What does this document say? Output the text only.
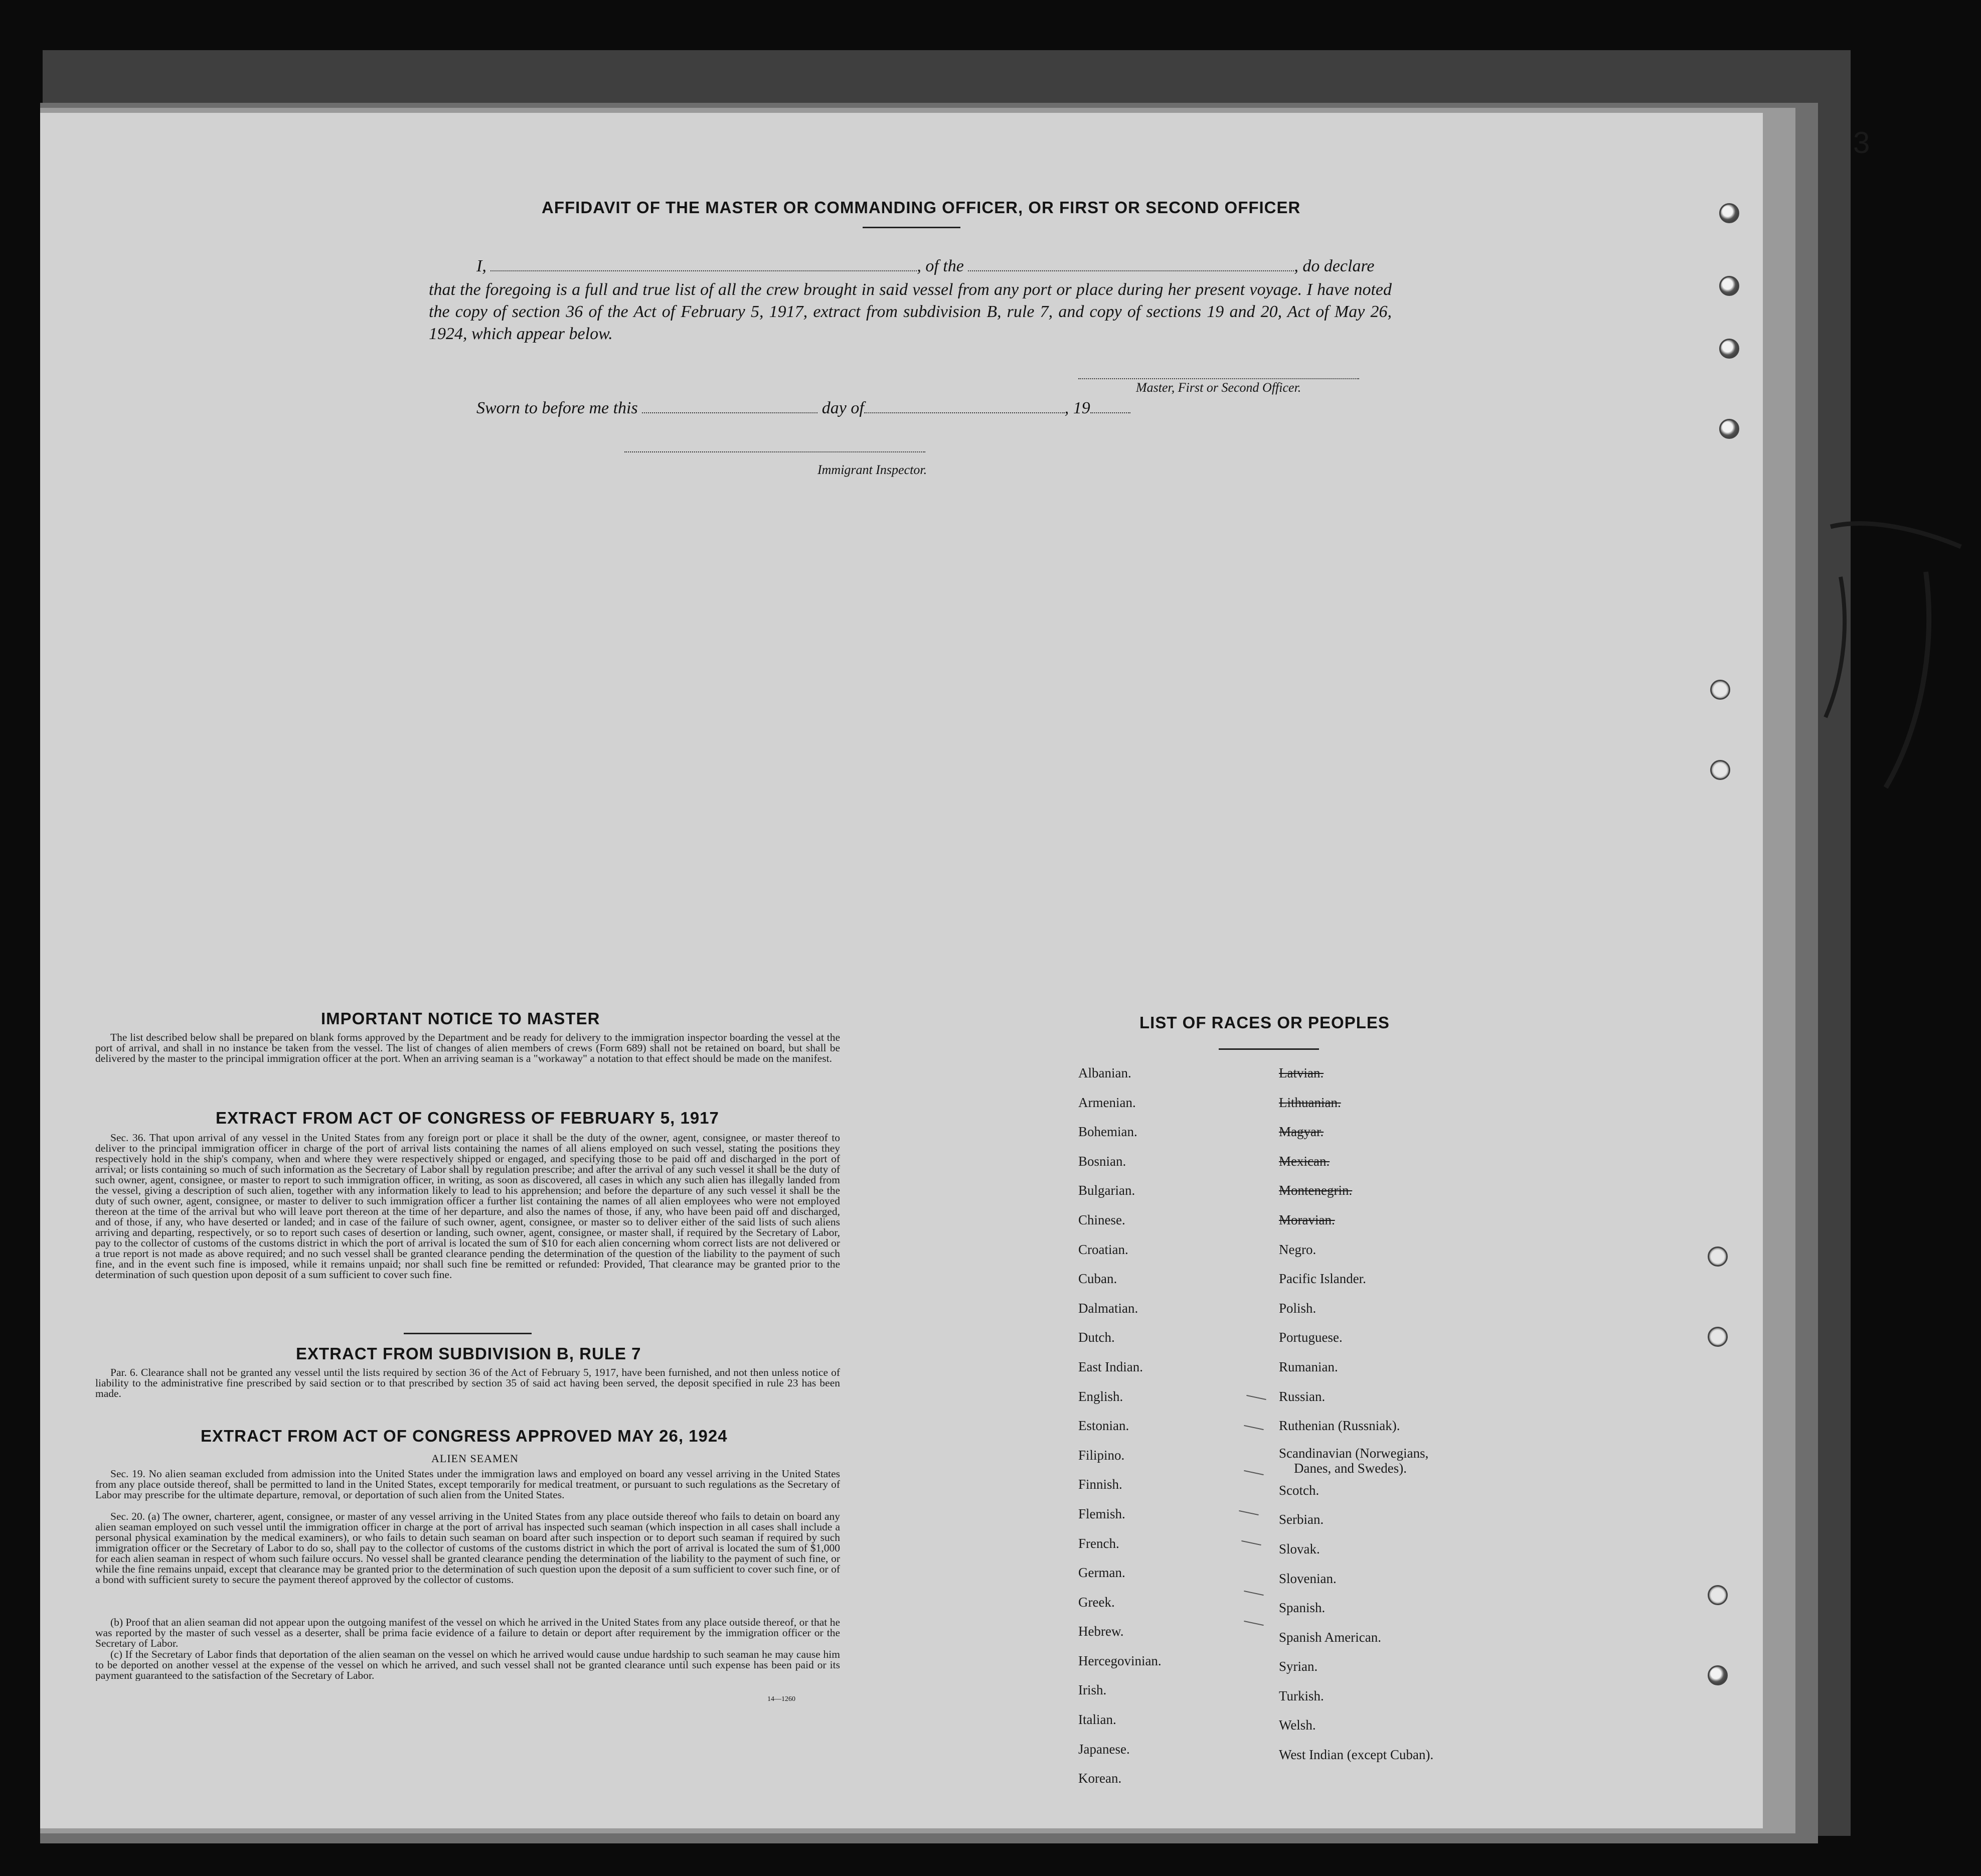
3
AFFIDAVIT OF THE MASTER OR COMMANDING OFFICER, OR FIRST OR SECOND OFFICER
I,	, of the	, do declare
that the foregoing is a full and true list of all the crew brought in said vessel from any port or place during her present voyage. I have noted the copy of section 36 of the Act of February 5, 1917, extract from subdivision B, rule 7, and copy of sections 19 and 20, Act of May 26, 1924, which appear below.
Master, First or Second Officer.
Sworn to before me this	day of	, 19
Immigrant Inspector.
IMPORTANT NOTICE TO MASTER
The list described below shall be prepared on blank forms approved by the Department and be ready for delivery to the immigration inspector boarding the vessel at the port of arrival, and shall in no instance be taken from the vessel. The list of changes of alien members of crews (Form 689) shall not be retained on board, but shall be delivered by the master to the principal immigration officer at the port. When an arriving seaman is a "workaway" a notation to that effect should be made on the manifest.
EXTRACT FROM ACT OF CONGRESS OF FEBRUARY 5, 1917
Sec. 36. That upon arrival of any vessel in the United States from any foreign port or place it shall be the duty of the owner, agent, consignee, or master thereof to deliver to the principal immigration officer in charge of the port of arrival lists containing the names of all aliens employed on such vessel, stating the positions they respectively hold in the ship's company, when and where they were respectively shipped or engaged, and specifying those to be paid off and discharged in the port of arrival; or lists containing so much of such information as the Secretary of Labor shall by regulation prescribe; and after the arrival of any such vessel it shall be the duty of such owner, agent, consignee, or master to report to such immigration officer, in writing, as soon as discovered, all cases in which any such alien has illegally landed from the vessel, giving a description of such alien, together with any information likely to lead to his apprehension; and before the departure of any such vessel it shall be the duty of such owner, agent, consignee, or master to deliver to such immigration officer a further list containing the names of all alien employees who were not employed thereon at the time of the arrival but who will leave port thereon at the time of her departure, and also the names of those, if any, who have been paid off and discharged, and of those, if any, who have deserted or landed; and in case of the failure of such owner, agent, consignee, or master so to deliver either of the said lists of such aliens arriving and departing, respectively, or so to report such cases of desertion or landing, such owner, agent, consignee, or master shall, if required by the Secretary of Labor, pay to the collector of customs of the customs district in which the port of arrival is located the sum of $10 for each alien concerning whom correct lists are not delivered or a true report is not made as above required; and no such vessel shall be granted clearance pending the determination of the question of the liability to the payment of such fine, and in the event such fine is imposed, while it remains unpaid; nor shall such fine be remitted or refunded: Provided, That clearance may be granted prior to the determination of such question upon deposit of a sum sufficient to cover such fine.
EXTRACT FROM SUBDIVISION B, RULE 7
Par. 6. Clearance shall not be granted any vessel until the lists required by section 36 of the Act of February 5, 1917, have been furnished, and not then unless notice of liability to the administrative fine prescribed by said section or to that prescribed by section 35 of said act having been served, the deposit specified in rule 23 has been made.
EXTRACT FROM ACT OF CONGRESS APPROVED MAY 26, 1924
ALIEN SEAMEN
Sec. 19. No alien seaman excluded from admission into the United States under the immigration laws and employed on board any vessel arriving in the United States from any place outside thereof, shall be permitted to land in the United States, except temporarily for medical treatment, or pursuant to such regulations as the Secretary of Labor may prescribe for the ultimate departure, removal, or deportation of such alien from the United States.
Sec. 20. (a) The owner, charterer, agent, consignee, or master of any vessel arriving in the United States from any place outside thereof who fails to detain on board any alien seaman employed on such vessel until the immigration officer in charge at the port of arrival has inspected such seaman (which inspection in all cases shall include a personal physical examination by the medical examiners), or who fails to detain such seaman on board after such inspection or to deport such seaman if required by such immigration officer or the Secretary of Labor to do so, shall pay to the collector of customs of the customs district in which the port of arrival is located the sum of $1,000 for each alien seaman in respect of whom such failure occurs. No vessel shall be granted clearance pending the determination of the liability to the payment of such fine, or while the fine remains unpaid, except that clearance may be granted prior to the determination of such question upon the deposit of a sum sufficient to cover such fine, or of a bond with sufficient surety to secure the payment thereof approved by the collector of customs.
(b) Proof that an alien seaman did not appear upon the outgoing manifest of the vessel on which he arrived in the United States from any place outside thereof, or that he was reported by the master of such vessel as a deserter, shall be prima facie evidence of a failure to detain or deport after requirement by the immigration officer or the Secretary of Labor.
(c) If the Secretary of Labor finds that deportation of the alien seaman on the vessel on which he arrived would cause undue hardship to such seaman he may cause him to be deported on another vessel at the expense of the vessel on which he arrived, and such vessel shall not be granted clearance until such expense has been paid or its payment guaranteed to the satisfaction of the Secretary of Labor.
14—1260
LIST OF RACES OR PEOPLES
Albanian.
Armenian.
Bohemian.
Bosnian.
Bulgarian.
Chinese.
Croatian.
Cuban.
Dalmatian.
Dutch.
East Indian.
English.
Estonian.
Filipino.
Finnish.
Flemish.
French.
German.
Greek.
Hebrew.
Hercegovinian.
Irish.
Italian.
Japanese.
Korean.
Latvian.
Lithuanian.
Magyar.
Mexican.
Montenegrin.
Moravian.
Negro.
Pacific Islander.
Polish.
Portuguese.
Rumanian.
Russian.
Ruthenian (Russniak).
Scandinavian (Norwegians,
Danes, and Swedes).
Scotch.
Serbian.
Slovak.
Slovenian.
Spanish.
Spanish American.
Syrian.
Turkish.
Welsh.
West Indian (except Cuban).
